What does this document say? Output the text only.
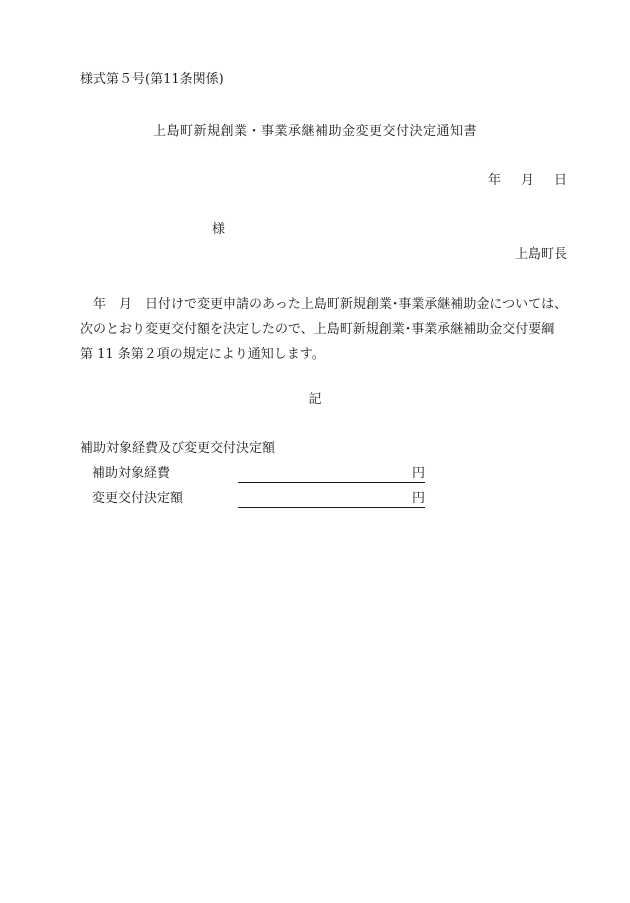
様式第５号(第11条関係)
上島町新規創業・事業承継補助金変更交付決定通知書
年 月 日
様
上島町長

　年　月　日付けで変更申請のあった上島町新規創業･事業承継補助金については、

次のとおり変更交付額を決定したので、上島町新規創業･事業承継補助金交付要綱

第 11 条第２項の規定により通知します。

記
補助対象経費及び変更交付決定額
補助対象経費	円
変更交付決定額	円
